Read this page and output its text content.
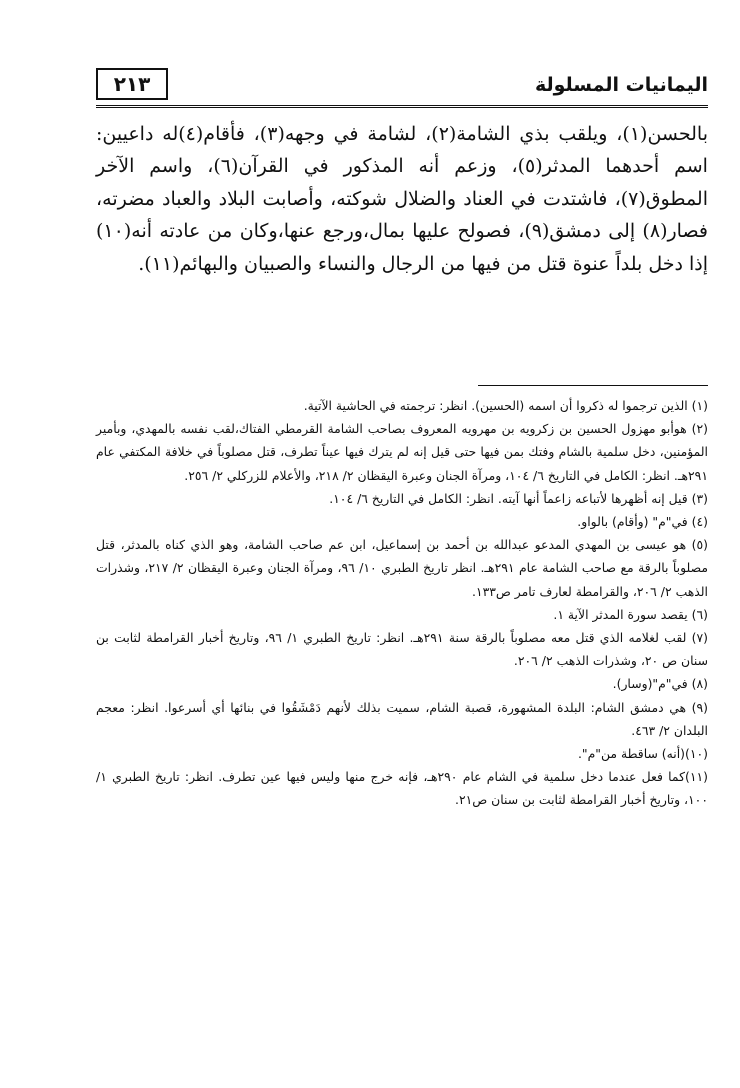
٢١٣	اليمانيات المسلولة

بالحسن(١)، ويلقب بذي الشامة(٢)، لشامة في وجهه(٣)، فأقام(٤)له داعيين: اسم أحدهما المدثر(٥)، وزعم أنه المذكور في القرآن(٦)، واسم الآخر المطوق(٧)، فاشتدت في العناد والضلال شوكته، وأصابت البلاد والعباد مضرته، فصار(٨) إلى دمشق(٩)، فصولح عليها بمال،ورجع عنها،وكان من عادته أنه(١٠) إذا دخل بلداً عنوة قتل من فيها من الرجال والنساء والصبيان والبهائم(١١).

(١) الذين ترجموا له ذكروا أن اسمه (الحسين). انظر: ترجمته في الحاشية الآتية.

(٢) هوأبو مهزول الحسين بن زكرويه بن مهرويه المعروف بصاحب الشامة القرمطي الفتاك،لقب نفسه بالمهدي، وبأمير المؤمنين، دخل سلمية بالشام وفتك بمن فيها حتى قيل إنه لم يترك فيها عيناً تطرف، قتل مصلوباً في خلافة المكتفي عام ٢٩١هـ. انظر: الكامل في التاريخ ٦/ ١٠٤، ومرآة الجنان وعبرة اليقظان ٢/ ٢١٨، والأعلام للزركلي ٢/ ٢٥٦.

(٣) قيل إنه أظهرها لأتباعه زاعماً أنها آيته. انظر: الكامل في التاريخ ٦/ ١٠٤.

(٤) في"م" (وأقام) بالواو.

(٥) هو عيسى بن المهدي المدعو عبدالله بن أحمد بن إسماعيل، ابن عم صاحب الشامة، وهو الذي كناه بالمدثر، قتل مصلوباً بالرقة مع صاحب الشامة عام ٢٩١هـ. انظر تاريخ الطبري ١٠/ ٩٦، ومرآة الجنان وعبرة اليقظان ٢/ ٢١٧، وشذرات الذهب ٢/ ٢٠٦، والقرامطة لعارف تامر ص١٣٣.

(٦) يقصد سورة المدثر الآية ١.

(٧) لقب لغلامه الذي قتل معه مصلوباً بالرقة سنة ٢٩١هـ. انظر: تاريخ الطبري ١/ ٩٦، وتاريخ أخبار القرامطة لثابت بن سنان ص ٢٠، وشذرات الذهب ٢/ ٢٠٦.

(٨) في"م"(وسار).

(٩) هي دمشق الشام: البلدة المشهورة، قصبة الشام، سميت بذلك لأنهم دَمْشَقُوا في بنائها أي أسرعوا. انظر: معجم البلدان ٢/ ٤٦٣.

(١٠)(أنه) ساقطة من"م".

(١١)كما فعل عندما دخل سلمية في الشام عام ٢٩٠هـ، فإنه خرج منها وليس فيها عين تطرف. انظر: تاريخ الطبري ١/ ١٠٠، وتاريخ أخبار القرامطة لثابت بن سنان ص٢١.
